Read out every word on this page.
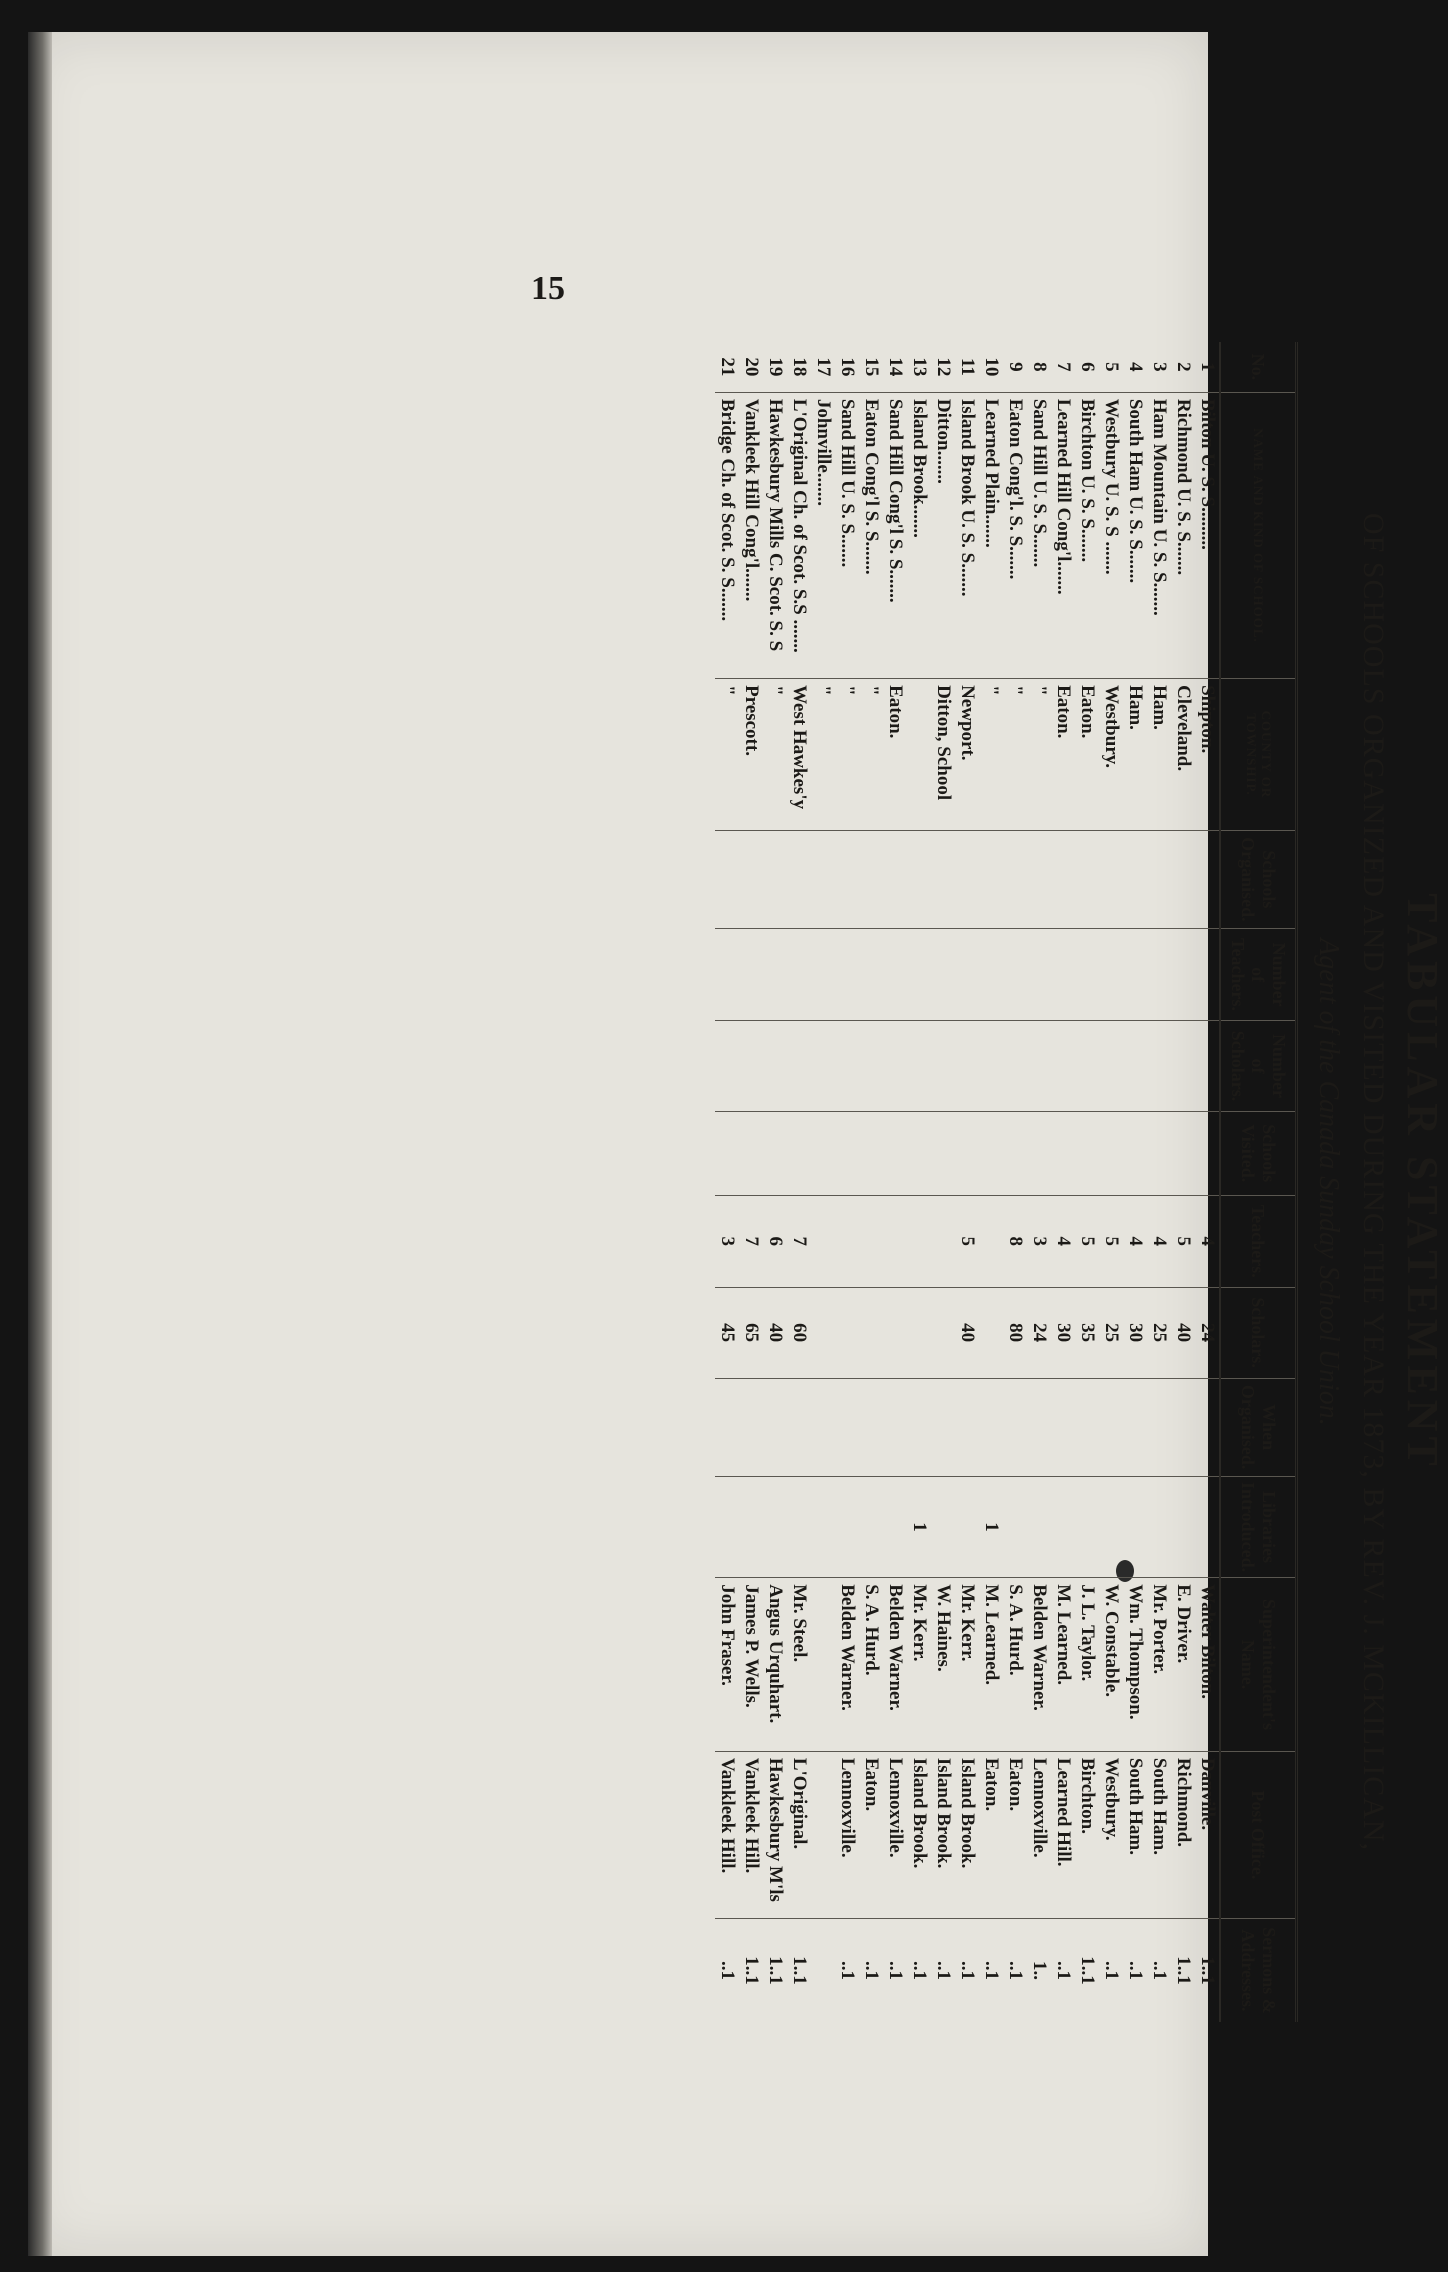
15
TABULAR STATEMENT
OF SCHOOLS ORGANIZED AND VISITED DURING THE YEAR 1873, BY REV. J. MCKILLICAN,
Agent of the Canada Sunday School Union.
No.	NAME AND KIND OF SCHOOL.	COUNTY OR TOWNSHIP.	Schools Organised.	Number of Teachers.	Number of Scholars.	Schools Visited.	Teachers.	Scholars.	When Organised.	Libraries Introduced.	Superintendent's Name.	Post Office.	Sermons & Addresses.
1	Bilton U. S. S.........	Shipton.					4	24			Walter Bilton.	Danville.	1..1
2	Richmond U. S. S.......	Cleveland.					5	40			E. Driver.	Richmond.	1..1
3	Ham Mountain U. S. S.......	Ham.					4	25			Mr. Porter.	South Ham.	..1
4	South Ham U. S. S.......	Ham.					4	30			Wm. Thompson.	South Ham.	..1
5	Westbury U. S. S .......	Westbury.					5	25			W. Constable.	Westbury.	..1
6	Birchton U. S. S.......	Eaton.					5	35			J. L. Taylor.	Birchton.	1..1
7	Learned Hill Cong'l.......	Eaton.					4	30			M. Learned.	Learned Hill.	..1
8	Sand Hill U. S. S.......	"					3	24			Belden Warner.	Lennoxville.	1..
9	Eaton Cong'l. S. S.......	"					8	80			S. A. Hurd.	Eaton.	..1
10	Learned Plain.......	"								1	M. Learned.	Eaton.	..1
11	Island Brook U. S. S.......	Newport.					5	40			Mr. Kerr.	Island Brook.	..1
12	Ditton.......	Ditton, School									W. Haines.	Island Brook.	..1
13	Island Brook.......									1	Mr. Kerr.	Island Brook.	..1
14	Sand Hill Cong'l S. S.......	Eaton.									Belden Warner.	Lennoxville.	..1
15	Eaton Cong'l S. S.......	"									S. A. Hurd.	Eaton.	..1
16	Sand Hill U. S. S.......	"									Belden Warner.	Lennoxville.	..1
17	Johnville.......	"											
18	L'Original Ch. of Scot. S.S .......	West Hawkes'y					7	60			Mr. Steel.	L'Original.	1..1
19	Hawkesbury Mills C. Scot. S. S	"					6	40			Angus Urquhart.	Hawkesbury M'ls	1..1
20	Vankleek Hill Cong'l.......	Prescott.					7	65			James P. Wells.	Vankleek Hill.	1..1
21	Bridge Ch. of Scot. S. S.......	"					3	45			John Fraser.	Vankleek Hill.	..1
